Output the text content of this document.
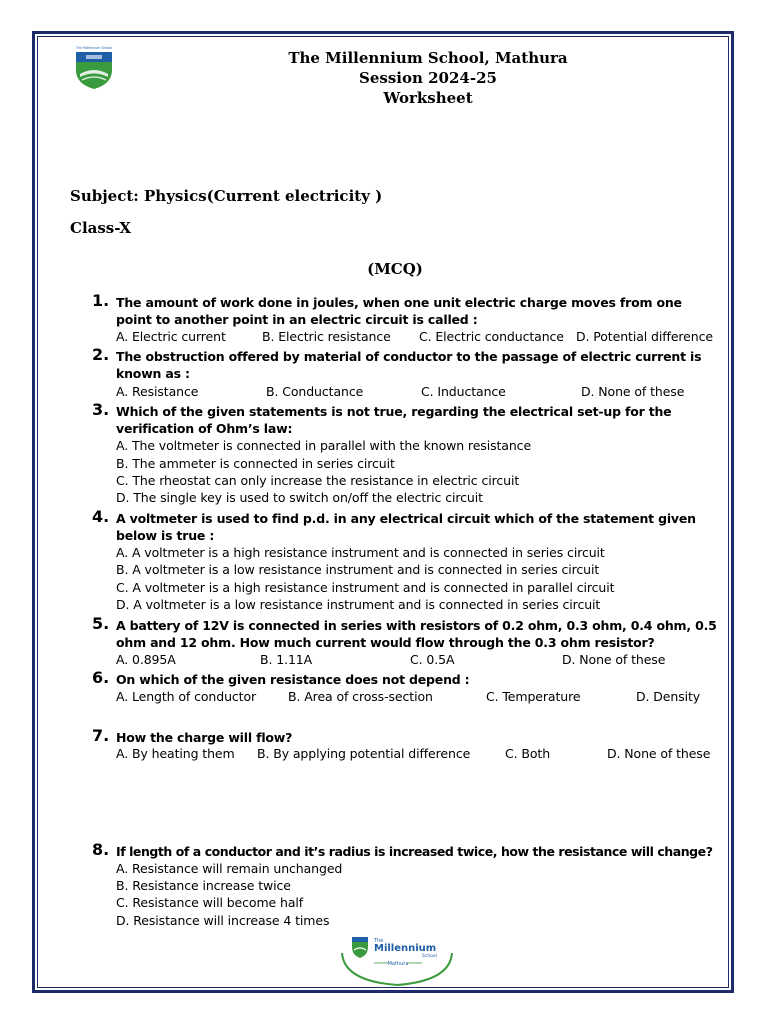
The Millennium School
The Millennium School, Mathura
Session 2024-25
Worksheet
Subject: Physics(Current electricity )
Class-X
(MCQ)
1. The amount of work done in joules, when one unit electric charge moves from one point to another point in an electric circuit is called :
A. Electric current	B. Electric resistance C. Electric conductance D. Potential difference
2. The obstruction offered by material of conductor to the passage of electric current is known as :
A. Resistance	B. Conductance	C. Inductance	D. None of these
3. Which of the given statements is not true, regarding the electrical set-up for the verification of Ohm’s law:
A. The voltmeter is connected in parallel with the known resistance
B. The ammeter is connected in series circuit
C. The rheostat can only increase the resistance in electric circuit
D. The single key is used to switch on/off the electric circuit
4. A voltmeter is used to find p.d. in any electrical circuit which of the statement given below is true :
A. A voltmeter is a high resistance instrument and is connected in series circuit
B. A voltmeter is a low resistance instrument and is connected in series circuit
C. A voltmeter is a high resistance instrument and is connected in parallel circuit
D. A voltmeter is a low resistance instrument and is connected in series circuit
5. A battery of 12V is connected in series with resistors of 0.2 ohm, 0.3 ohm, 0.4 ohm, 0.5 ohm and 12 ohm. How much current would flow through the 0.3 ohm resistor?
A. 0.895A	B. 1.11A	C. 0.5A	D. None of these
6. On which of the given resistance does not depend :
A. Length of conductor	B. Area of cross-section	C. Temperature	D. Density
7. How the charge will flow?
A. By heating them B. By applying potential difference	C. Both	D. None of these
8. If length of a conductor and it’s radius is increased twice, how the resistance will change?
A. Resistance will remain unchanged
B. Resistance increase twice
C. Resistance will become half
D. Resistance will increase 4 times
The
Millennium
School
Mathura
